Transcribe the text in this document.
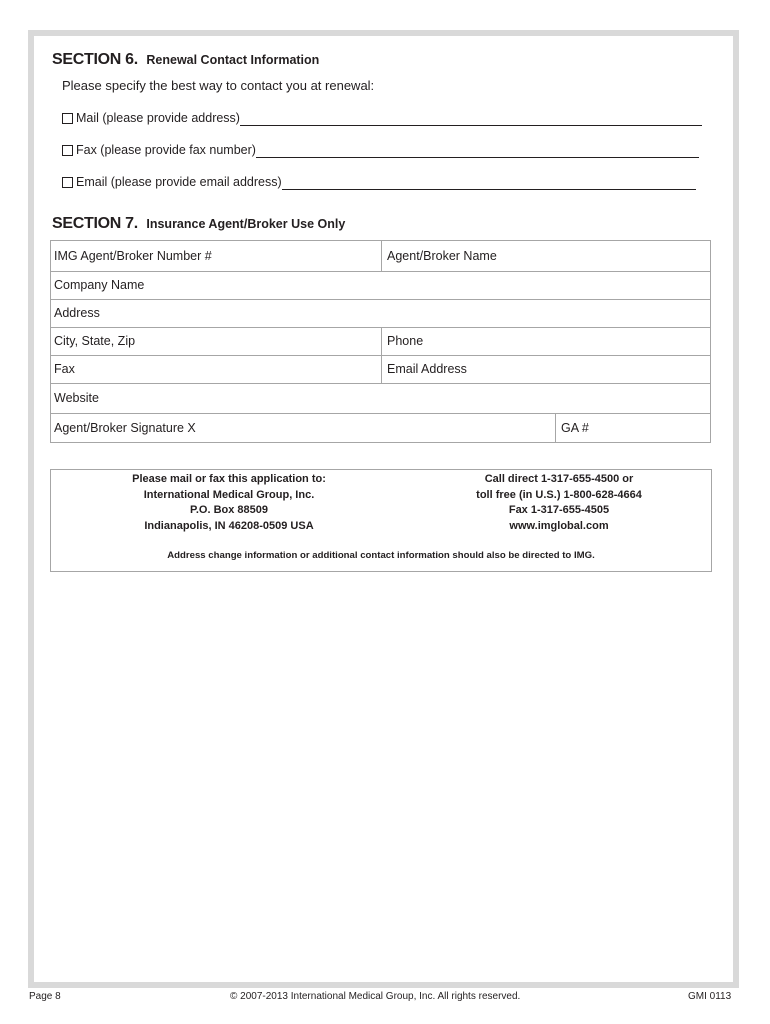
SECTION 6. Renewal Contact Information
Please specify the best way to contact you at renewal:
Mail (please provide address)
Fax (please provide fax number)
Email (please provide email address)
SECTION 7. Insurance Agent/Broker Use Only
IMG Agent/Broker Number #	Agent/Broker Name
Company Name
Address
City, State, Zip	Phone
Fax	Email Address
Website
Agent/Broker Signature X	GA #
Please mail or fax this application to:
International Medical Group, Inc.
P.O. Box 88509
Indianapolis, IN 46208-0509 USA
Call direct 1-317-655-4500 or
toll free (in U.S.) 1-800-628-4664
Fax 1-317-655-4505
www.imglobal.com
Address change information or additional contact information should also be directed to IMG.
Page 8	© 2007-2013 International Medical Group, Inc. All rights reserved.	GMI 0113
